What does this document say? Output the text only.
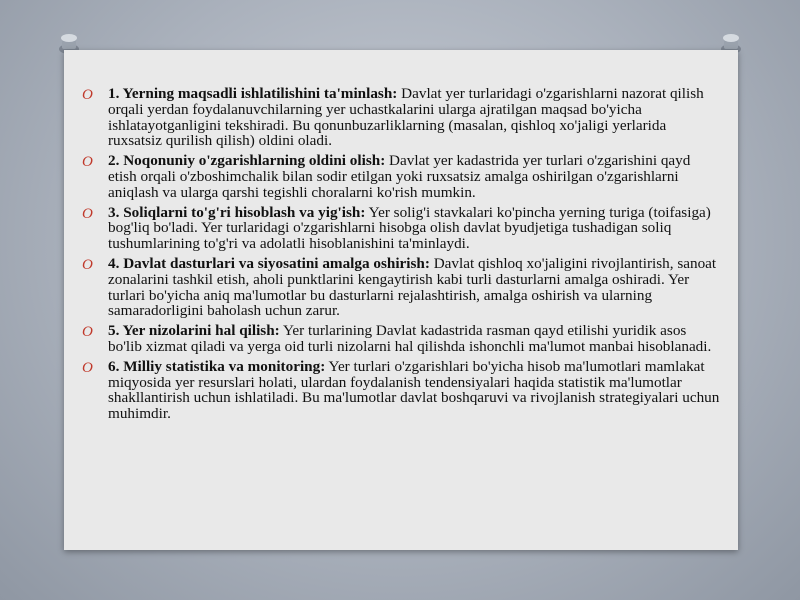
O 1. Yerning maqsadli ishlatilishini ta'minlash: Davlat yer turlaridagi o'zgarishlarni nazorat qilish orqali yerdan foydalanuvchilarning yer uchastkalarini ularga ajratilgan maqsad bo'yicha ishlatayotganligini tekshiradi. Bu qonunbuzarliklarning (masalan, qishloq xo'jaligi yerlarida ruxsatsiz qurilish qilish) oldini oladi.
O 2. Noqonuniy o'zgarishlarning oldini olish: Davlat yer kadastrida yer turlari o'zgarishini qayd etish orqali o'zboshimchalik bilan sodir etilgan yoki ruxsatsiz amalga oshirilgan o'zgarishlarni aniqlash va ularga qarshi tegishli choralarni ko'rish mumkin.
O 3. Soliqlarni to'g'ri hisoblash va yig'ish: Yer solig'i stavkalari ko'pincha yerning turiga (toifasiga) bog'liq bo'ladi. Yer turlaridagi o'zgarishlarni hisobga olish davlat byudjetiga tushadigan soliq tushumlarining to'g'ri va adolatli hisoblanishini ta'minlaydi.
O 4. Davlat dasturlari va siyosatini amalga oshirish: Davlat qishloq xo'jaligini rivojlantirish, sanoat zonalarini tashkil etish, aholi punktlarini kengaytirish kabi turli dasturlarni amalga oshiradi. Yer turlari bo'yicha aniq ma'lumotlar bu dasturlarni rejalashtirish, amalga oshirish va ularning samaradorligini baholash uchun zarur.
O 5. Yer nizolarini hal qilish: Yer turlarining Davlat kadastrida rasman qayd etilishi yuridik asos bo'lib xizmat qiladi va yerga oid turli nizolarni hal qilishda ishonchli ma'lumot manbai hisoblanadi.
O 6. Milliy statistika va monitoring: Yer turlari o'zgarishlari bo'yicha hisob ma'lumotlari mamlakat miqyosida yer resurslari holati, ulardan foydalanish tendensiyalari haqida statistik ma'lumotlar shakllantirish uchun ishlatiladi. Bu ma'lumotlar davlat boshqaruvi va rivojlanish strategiyalari uchun muhimdir.
